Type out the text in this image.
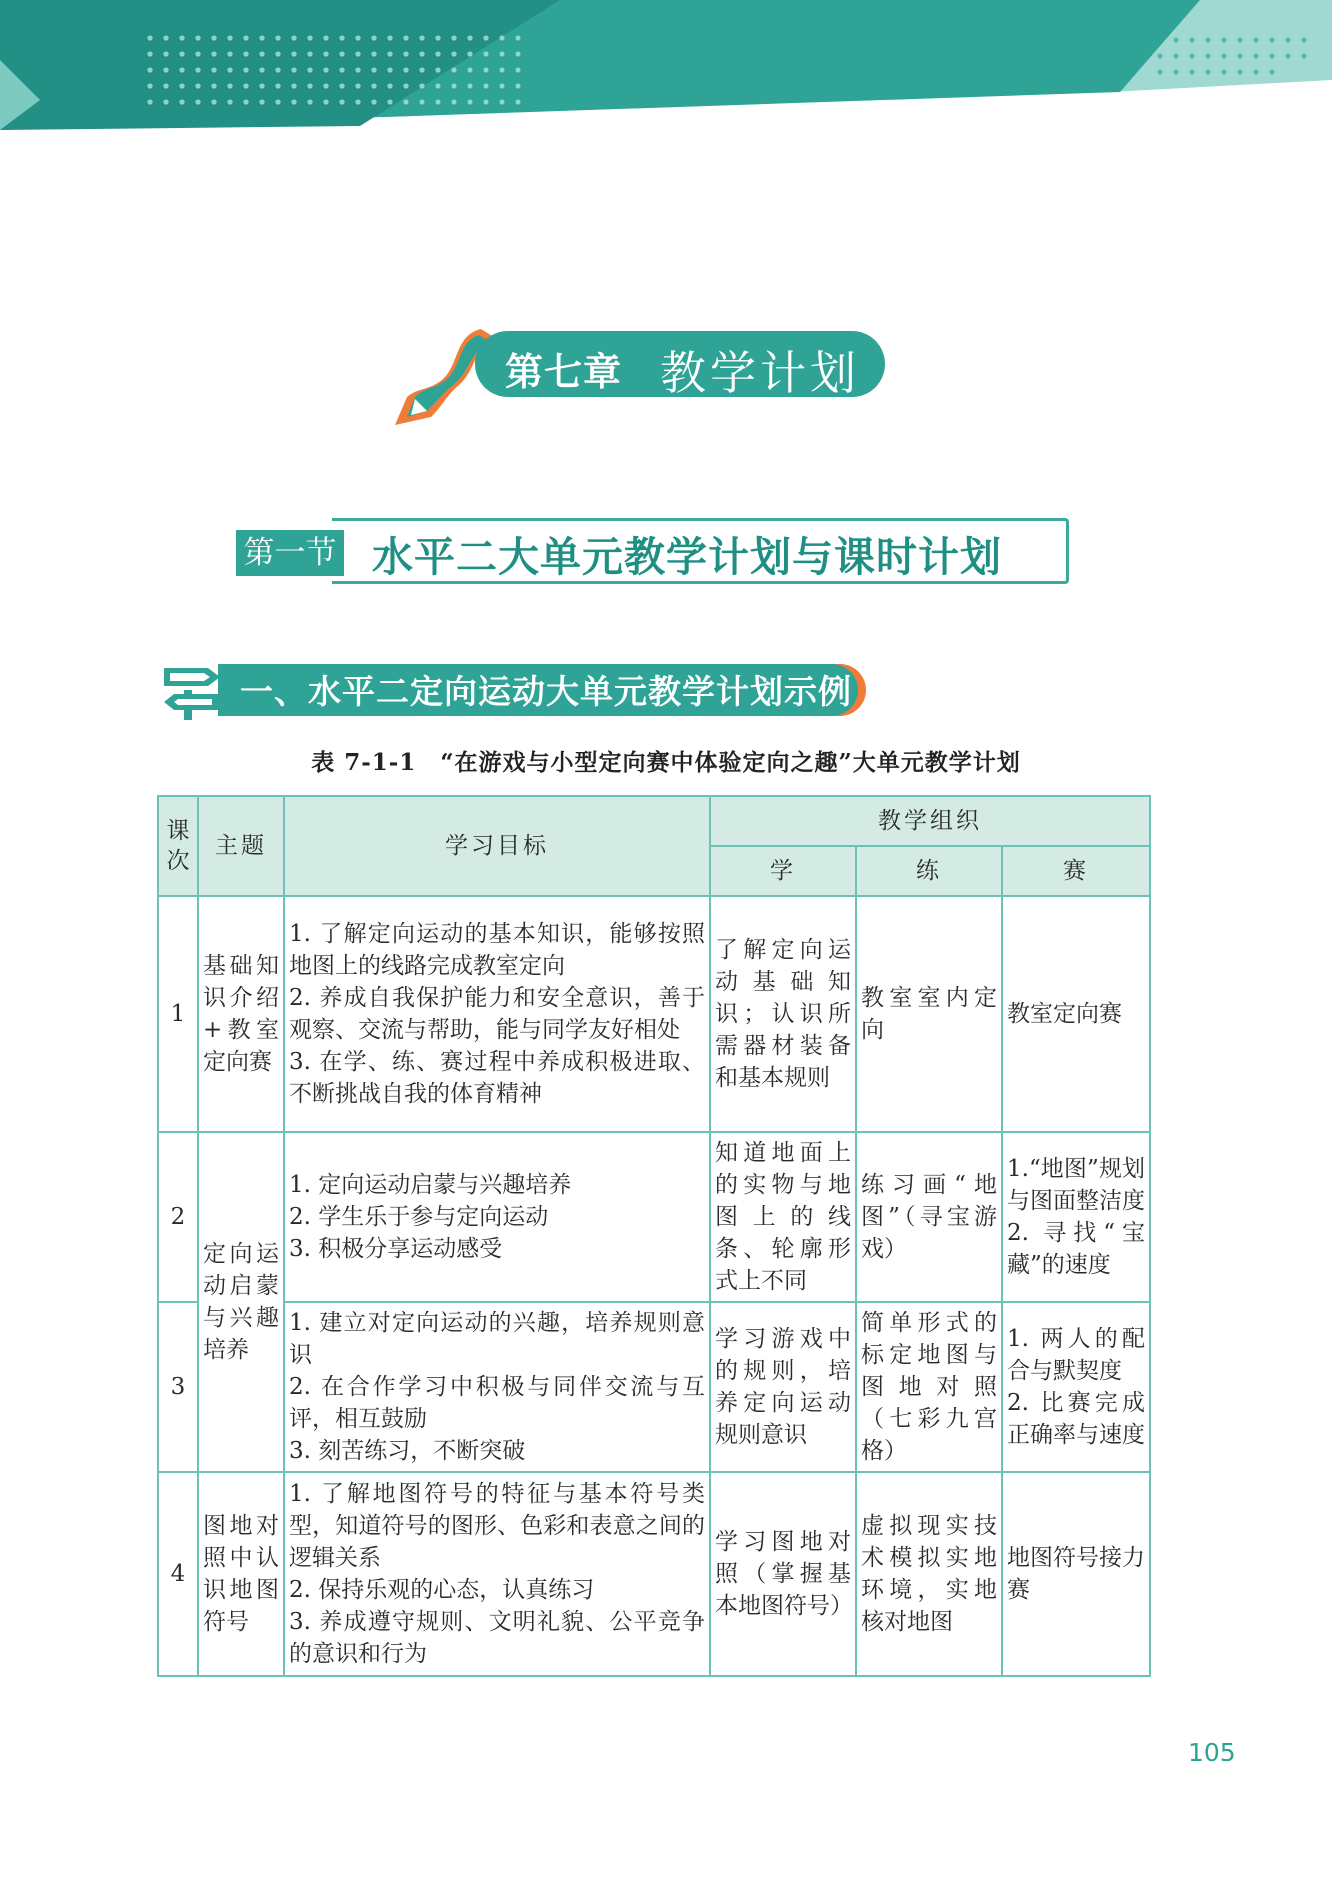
第七章 教学计划
第一节 水平二大单元教学计划与课时计划
一、水平二定向运动大单元教学计划示例
表 7-1-1　“在游戏与小型定向赛中体验定向之趣”大单元教学计划
课次	主题	学习目标	教学组织		
			学	练	赛
1	基础知识介绍+教室定向赛	1. 了解定向运动的基本知识，能够按照地图上的线路完成教室定向
2. 养成自我保护能力和安全意识，善于观察、交流与帮助，能与同学友好相处
3. 在学、练、赛过程中养成积极进取、不断挑战自我的体育精神	了解定向运动基础知识；认识所需器材装备和基本规则	教室室内定向	教室定向赛
2	定向运动启蒙与兴趣培养	1. 定向运动启蒙与兴趣培养
2. 学生乐于参与定向运动
3. 积极分享运动感受	知道地面上的实物与地图上的线条、轮廓形式上不同	练习画“地图”（寻宝游戏）	1.“地图”规划与图面整洁度
2. 寻找“宝藏”的速度
3		1. 建立对定向运动的兴趣，培养规则意识
2. 在合作学习中积极与同伴交流与互评，相互鼓励
3. 刻苦练习，不断突破	学习游戏中的规则，培养定向运动规则意识	简单形式的标定地图与图地对照（七彩九宫格）	1. 两人的配合与默契度
2. 比赛完成正确率与速度
4	图地对照中认识地图符号	1. 了解地图符号的特征与基本符号类型，知道符号的图形、色彩和表意之间的逻辑关系
2. 保持乐观的心态，认真练习
3. 养成遵守规则、文明礼貌、公平竞争的意识和行为	学习图地对照（掌握基本地图符号）	虚拟现实技术模拟实地环境，实地核对地图	地图符号接力赛
105
